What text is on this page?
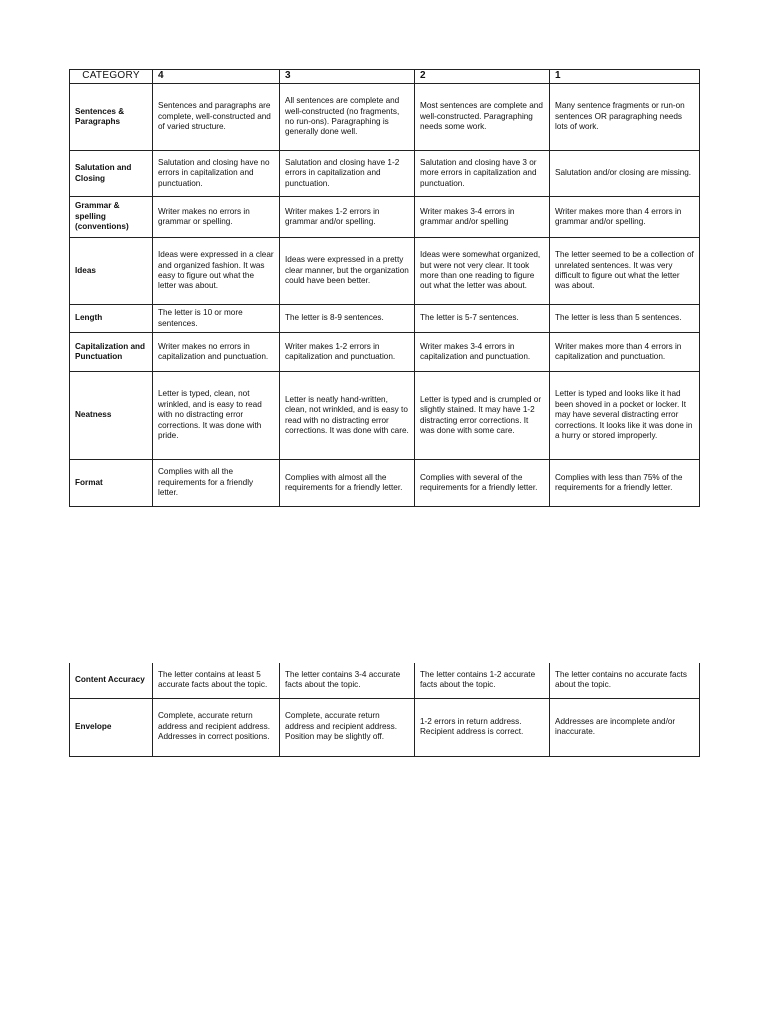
CATEGORY	4	3	2	1
Sentences & Paragraphs	Sentences and paragraphs are complete, well-constructed and of varied structure.	All sentences are complete and well-constructed (no fragments, no run-ons). Paragraphing is generally done well.	Most sentences are complete and well-constructed. Paragraphing needs some work.	Many sentence fragments or run-on sentences OR paragraphing needs lots of work.
Salutation and Closing	Salutation and closing have no errors in capitalization and punctuation.	Salutation and closing have 1-2 errors in capitalization and punctuation.	Salutation and closing have 3 or more errors in capitalization and punctuation.	Salutation and/or closing are missing.
Grammar & spelling (conventions)	Writer makes no errors in grammar or spelling.	Writer makes 1-2 errors in grammar and/or spelling.	Writer makes 3-4 errors in grammar and/or spelling	Writer makes more than 4 errors in grammar and/or spelling.
Ideas	Ideas were expressed in a clear and organized fashion. It was easy to figure out what the letter was about.	Ideas were expressed in a pretty clear manner, but the organization could have been better.	Ideas were somewhat organized, but were not very clear. It took more than one reading to figure out what the letter was about.	The letter seemed to be a collection of unrelated sentences. It was very difficult to figure out what the letter was about.
Length	The letter is 10 or more sentences.	The letter is 8-9 sentences.	The letter is 5-7 sentences.	The letter is less than 5 sentences.
Capitalization and Punctuation	Writer makes no errors in capitalization and punctuation.	Writer makes 1-2 errors in capitalization and punctuation.	Writer makes 3-4 errors in capitalization and punctuation.	Writer makes more than 4 errors in capitalization and punctuation.
Neatness	Letter is typed, clean, not wrinkled, and is easy to read with no distracting error corrections. It was done with pride.	Letter is neatly hand-written, clean, not wrinkled, and is easy to read with no distracting error corrections. It was done with care.	Letter is typed and is crumpled or slightly stained. It may have 1-2 distracting error corrections. It was done with some care.	Letter is typed and looks like it had been shoved in a pocket or locker. It may have several distracting error corrections. It looks like it was done in a hurry or stored improperly.
Format	Complies with all the requirements for a friendly letter.	Complies with almost all the requirements for a friendly letter.	Complies with several of the requirements for a friendly letter.	Complies with less than 75% of the requirements for a friendly letter.
Content Accuracy	The letter contains at least 5 accurate facts about the topic.	The letter contains 3-4 accurate facts about the topic.	The letter contains 1-2 accurate facts about the topic.	The letter contains no accurate facts about the topic.
Envelope	Complete, accurate return address and recipient address. Addresses in correct positions.	Complete, accurate return address and recipient address. Position may be slightly off.	1-2 errors in return address. Recipient address is correct.	Addresses are incomplete and/or inaccurate.
